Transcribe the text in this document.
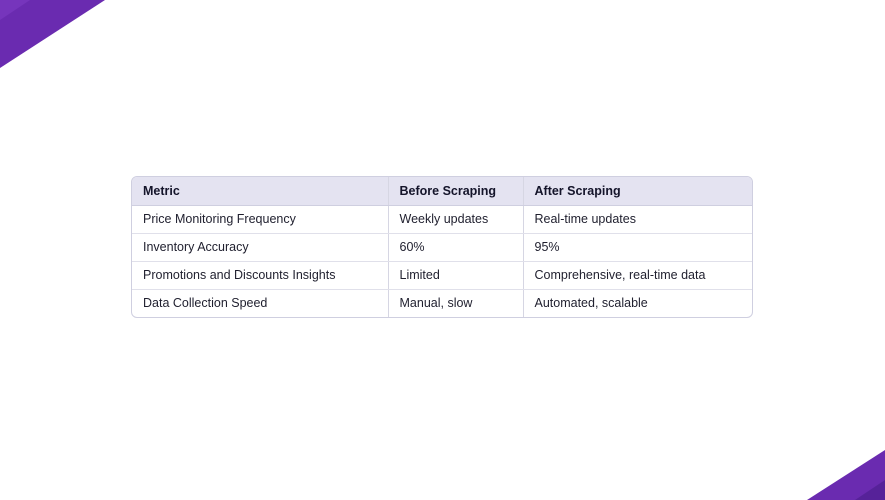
Metric	Before Scraping	After Scraping
Price Monitoring Frequency	Weekly updates	Real-time updates
Inventory Accuracy	60%	95%
Promotions and Discounts Insights	Limited	Comprehensive, real-time data
Data Collection Speed	Manual, slow	Automated, scalable
